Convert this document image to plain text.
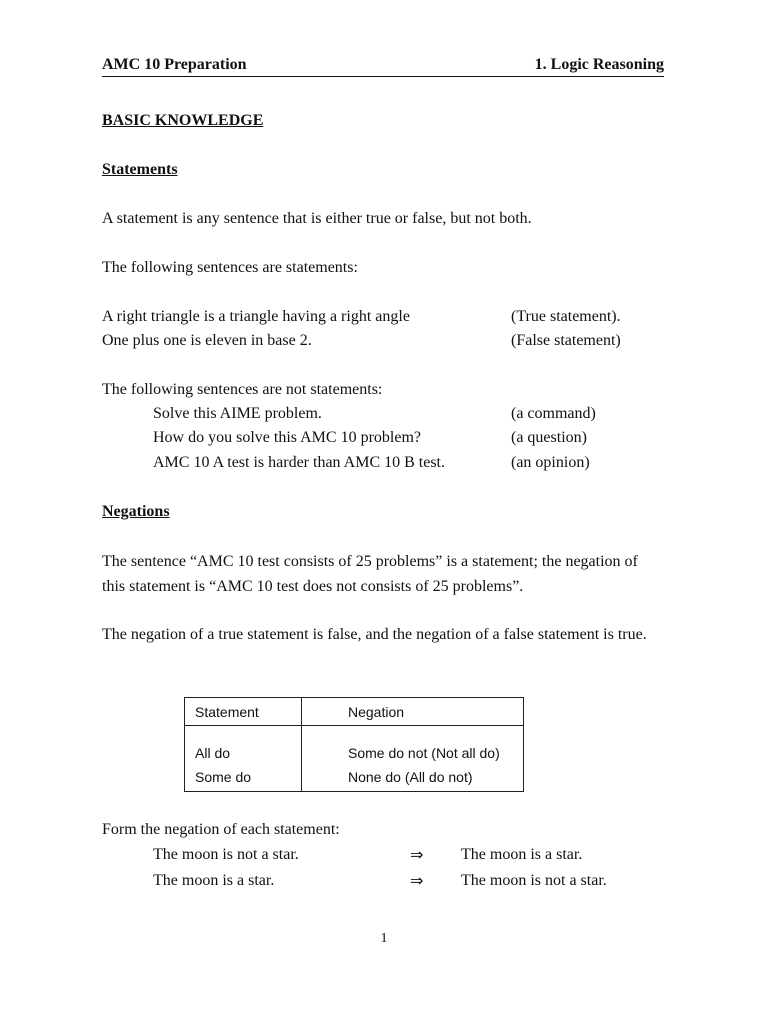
AMC 10 Preparation	1. Logic Reasoning
BASIC KNOWLEDGE
Statements
A statement is any sentence that is either true or false, but not both.
The following sentences are statements:
A right triangle is a triangle having a right angle	(True statement).
One plus one is eleven in base 2.	(False statement)
The following sentences are not statements:
Solve this AIME problem.	(a command)
How do you solve this AMC 10 problem?	(a question)
AMC 10 A test is harder than AMC 10 B test.	(an opinion)
Negations
The sentence “AMC 10 test consists of 25 problems” is a statement; the negation of this statement is “AMC 10 test does not consists of 25 problems”.
The negation of a true statement is false, and the negation of a false statement is true.
Statement	Negation
All do	Some do not (Not all do)
Some do	None do (All do not)
Form the negation of each statement:
The moon is not a star.	⇒ The moon is a star.
The moon is a star.	⇒ The moon is not a star.
1
